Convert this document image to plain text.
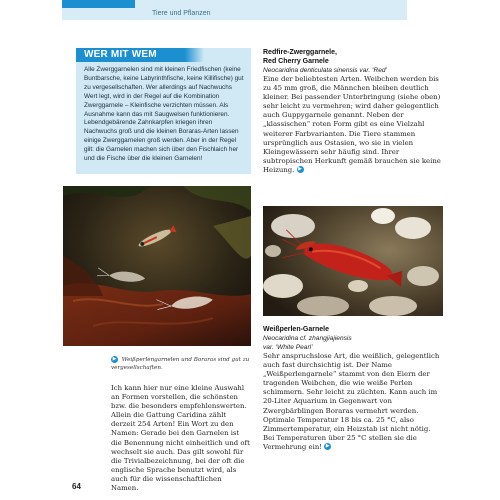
Tiere und Pflanzen
WER MIT WEM

Alle Zwerggarnelen sind mit kleinen Friedfischen (keine Buntbarsche, keine Labyrinthfische, keine Killifische) gut zu vergesellschaften. Wer allerdings auf Nachwuchs Wert legt, wird in der Regel auf die Kombination Zwerggarnele – Kleinfische verzichten müssen. Als Ausnahme kann das mit Saugwelsen funktionieren. Lebendgebärende Zahnkarpfen kriegen ihren Nachwuchs groß und die kleinen Boraras-Arten lassen einige Zwerggarnelen groß werden. Aber in der Regel gilt: die Garnelen machen sich über den Fischlaich her und die Fische über die kleinen Garnelen!

Redfire-Zwerggarnele,
Red Cherry Garnele
Neocaridina denticulata sinensis var. ‘Red’

Eine der beliebtesten Arten. Weibchen werden bis zu 45 mm groß, die Männchen bleiben deutlich kleiner. Bei passender Unterbringung (siehe oben) sehr leicht zu vermehren; wird daher gelegentlich auch Guppygarnele genannt. Neben der „klassischen“ roten Form gibt es eine Vielzahl weiterer Farbvarianten. Die Tiere stammen ursprünglich aus Ostasien, wo sie in vielen Kleingewässern sehr häufig sind. Ihrer subtropischen Herkunft gemäß brauchen sie keine Heizung. ▶

▶ Weißperlengarnelen und Boraras sind gut zu vergesellschaften.

Ich kann hier nur eine kleine Auswahl an Formen vorstellen, die schönsten bzw. die besonders empfehlenswerten. Allein die Gattung Caridina zählt derzeit 254 Arten! Ein Wort zu den Namen: Gerade bei den Garnelen ist die Benennung nicht einheitlich und oft wechselt sie auch. Das gilt sowohl für die Trivialbezeichnung, bei der oft die englische Sprache benutzt wird, als auch für die wissenschaftlichen Namen.

Weißperlen-Garnele
Neocaridina cf. zhangjiajiensis
var. ‘White Pearl’

Sehr anspruchslose Art, die weißlich, gelegentlich auch fast durchsichtig ist. Der Name „Weißperlengarnele“ stammt von den Eiern der tragenden Weibchen, die wie weiße Perlen schimmern. Sehr leicht zu züchten. Kann auch im 20-Liter Aquarium in Gegenwart von Zwergbärblingen Boraras vermehrt werden. Optimale Temperatur 18 bis ca. 25 °C, also Zimmertemperatur, ein Heizstab ist nicht nötig. Bei Temperaturen über 25 °C stellen sie die Vermehrung ein! ▶

64
